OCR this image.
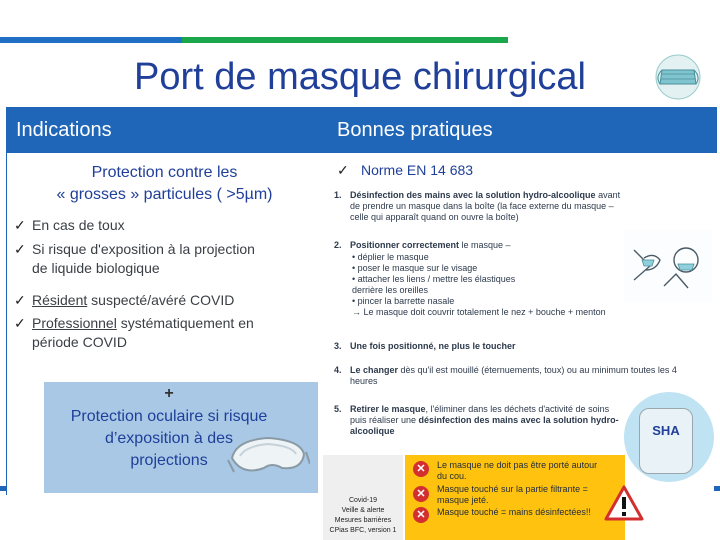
Port de masque chirurgical
Indications
Protection contre les
« grosses » particules ( >5µm)
✓ En cas de toux
✓ Si risque d'exposition à la projection
de liquide biologique
✓ Résident suspecté/avéré COVID
✓ Professionnel systématiquement en
période COVID
+
Protection oculaire si risque
d’exposition à des
projections
Bonnes pratiques
✓ Norme EN 14 683
1. Désinfection des mains avec la solution hydro-alcoolique avant de prendre un masque dans la boîte (la face externe du masque – celle qui apparaît quand on ouvre la boîte)
2. Positionner correctement le masque –
• déplier le masque
• poser le masque sur le visage
• attacher les liens / mettre les élastiques
derrière les oreilles
• pincer la barrette nasale
→ Le masque doit couvrir totalement le nez + bouche + menton
3. Une fois positionné, ne plus le toucher
4. Le changer dès qu'il est mouillé (éternuements, toux) ou au minimum toutes les 4 heures
5. Retirer le masque, l'éliminer dans les déchets d'activité de soins puis réaliser une désinfection des mains avec la solution hydro-alcoolique	SHA
Covid-19
Veille & alerte
Mesures barrières
CPias BFC, version 1
✕
✕
✕
Le masque ne doit pas être porté autour
du cou.
Masque touché sur la partie filtrante =
masque jeté.
Masque touché = mains désinfectées!!
